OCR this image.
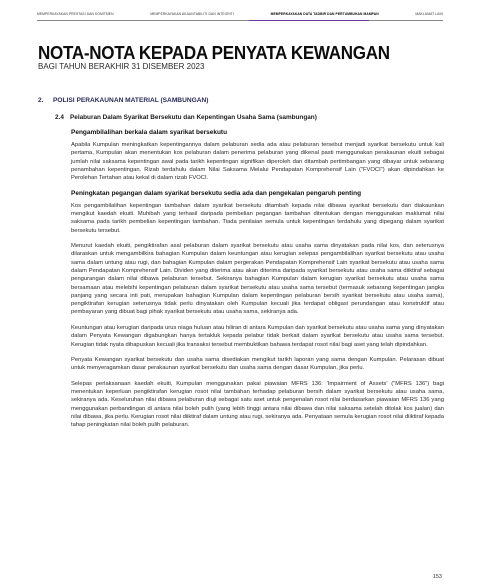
MEMPERKAYAKAN PRESTASI DAN KOMITMEN	MEMPERKAYAKAN AKAUNTABILITI DAN INTEGRITI	MEMPERKAYAKAN DATA TADBIR DAN PERTUMBUHAN MAMPAN	MAKLUMAT LAIN
NOTA-NOTA KEPADA PENYATA KEWANGAN
BAGI TAHUN BERAKHIR 31 DISEMBER 2023
2. POLISI PERAKAUNAN MATERIAL (SAMBUNGAN)
2.4 Pelaburan Dalam Syarikat Bersekutu dan Kepentingan Usaha Sama (sambungan)
Pengambilalihan berkala dalam syarikat bersekutu

Apabila Kumpulan meningkatkan kepentingannya dalam pelaburan sedia ada atau pelaburan tersebut menjadi syarikat bersekutu untuk kali pertama, Kumpulan akan menentukan kos pelaburan dalam penerima pelaburan yang dikenal pasti menggunakan perakaunan ekuiti sebagai jumlah nilai saksama kepentingan awal pada tarikh kepentingan signifikan diperoleh dan ditambah pertimbangan yang dibayar untuk sebarang penambahan kepentingan. Rizab terdahulu dalam Nilai Saksama Melalui Pendapatan Komprehensif Lain ("FVOCI") akan dipindahkan ke Perolehan Tertahan atau kekal di dalam rizab FVOCI.

Peningkatan pegangan dalam syarikat bersekutu sedia ada dan pengekalan pengaruh penting

Kos pengambilalihan kepentingan tambahan dalam syarikat bersekutu ditambah kepada nilai dibawa syarikat bersekutu dan diakaunkan mengikut kaedah ekuiti. Muhibah yang terhasil daripada pembelian pegangan tambahan ditentukan dengan menggunakan maklumat nilai saksama pada tarikh pembelian kepentingan tambahan. Tiada penilaian semula untuk kepentingan terdahulu yang dipegang dalam syarikat bersekutu tersebut.

Menurut kaedah ekuiti, pengiktirafan asal pelaburan dalam syarikat bersekutu atau usaha sama dinyatakan pada nilai kos, dan seterusnya dilaraskan untuk mengambilkira bahagian Kumpulan dalam keuntungan atau kerugian selepas pengambilalihan syarikat bersekutu atau usaha sama dalam untung atau rugi, dan bahagian Kumpulan dalam pergerakan Pendapatan Komprehensif Lain syarikat bersekutu atau usaha sama dalam Pendapatan Komprehensif Lain. Dividen yang diterima atau akan diterima daripada syarikat bersekutu atau usaha sama diiktiraf sebagai pengurangan dalam nilai dibawa pelaburan tersebut. Sekiranya bahagian Kumpulan dalam kerugian syarikat bersekutu atau usaha sama bersamaan atau melebihi kepentingan pelaburan dalam syarikat bersekutu atau usaha sama tersebut (termasuk sebarang kepentingan jangka panjang yang secara inti pati, merupakan bahagian Kumpulan dalam kepentingan pelaburan bersih syarikat bersekutu atau usaha sama), pengiktirafan kerugian seterusnya tidak perlu dinyatakan oleh Kumpulan kecuali jika terdapat obligasi perundangan atau konstruktif atau pembayaran yang dibuat bagi pihak syarikat bersekutu atau usaha sama, sekiranya ada.

Keuntungan atau kerugian daripada urus niaga huluan atau hiliran di antara Kumpulan dan syarikat bersekutu atau usaha sama yang dinyatakan dalam Penyata Kewangan digabungkan hanya tertakluk kepada pelabur tidak berkait dalam syarikat bersekutu atau usaha sama tersebut. Kerugian tidak nyata dihapuskan kecuali jika transaksi tersebut membuktikan bahawa terdapat rosot nilai bagi aset yang telah dipindahkan.

Penyata Kewangan syarikat bersekutu dan usaha sama disediakan mengikut tarikh laporan yang sama dengan Kumpulan. Pelarasan dibuat untuk menyeragamkan dasar perakaunan syarikat bersekutu dan usaha sama dengan dasar Kumpulan, jika perlu.

Selepas perlaksanaan kaedah ekuiti, Kumpulan menggunakan pakai piawaian MFRS 136: 'Impairment of Assets' ("MFRS 136") bagi menentukan keperluan pengiktirafan kerugian rosot nilai tambahan terhadap pelaburan bersih dalam syarikat bersekutu atau usaha sama, sekiranya ada. Keseluruhan nilai dibawa pelaburan diuji sebagai satu aset untuk pengenalan rosot nilai berdasarkan piawaian MFRS 136 yang menggunakan perbandingan di antara nilai boleh pulih (yang lebih tinggi antara nilai dibawa dan nilai saksama setelah ditolak kos jualan) dan nilai dibawa, jika perlu. Kerugian rosot nilai diiktiraf dalam untung atau rugi, sekiranya ada. Penyataan semula kerugian rosot nilai diiktiraf kepada tahap peningkatan nilai boleh pulih pelaburan.

153
